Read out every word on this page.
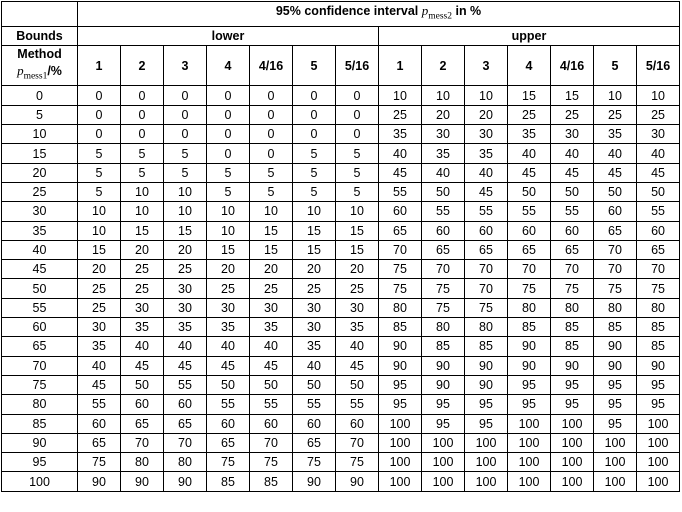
	95% confidence interval $p_{mess2}$ in %													
Bounds	lower							upper						

Method
$p_{mess1}/\%$	1	2	3	4	4/16	5	5/16	1	2	3	4	4/16	5	5/16
0	0	0	0	0	0	0	0	10	10	10	15	15	10	10
5	0	0	0	0	0	0	0	25	20	20	25	25	25	25
10	0	0	0	0	0	0	0	35	30	30	35	30	35	30
15	5	5	5	0	0	5	5	40	35	35	40	40	40	40
20	5	5	5	5	5	5	5	45	40	40	45	45	45	45
25	5	10	10	5	5	5	5	55	50	45	50	50	50	50
30	10	10	10	10	10	10	10	60	55	55	55	55	60	55
35	10	15	15	10	15	15	15	65	60	60	60	60	65	60
40	15	20	20	15	15	15	15	70	65	65	65	65	70	65
45	20	25	25	20	20	20	20	75	70	70	70	70	70	70
50	25	25	30	25	25	25	25	75	75	70	75	75	75	75
55	25	30	30	30	30	30	30	80	75	75	80	80	80	80
60	30	35	35	35	35	30	35	85	80	80	85	85	85	85
65	35	40	40	40	40	35	40	90	85	85	90	85	90	85
70	40	45	45	45	45	40	45	90	90	90	90	90	90	90
75	45	50	55	50	50	50	50	95	90	90	95	95	95	95
80	55	60	60	55	55	55	55	95	95	95	95	95	95	95
85	60	65	65	60	60	60	60	100	95	95	100	100	95	100
90	65	70	70	65	70	65	70	100	100	100	100	100	100	100
95	75	80	80	75	75	75	75	100	100	100	100	100	100	100
100	90	90	90	85	85	90	90	100	100	100	100	100	100	100
